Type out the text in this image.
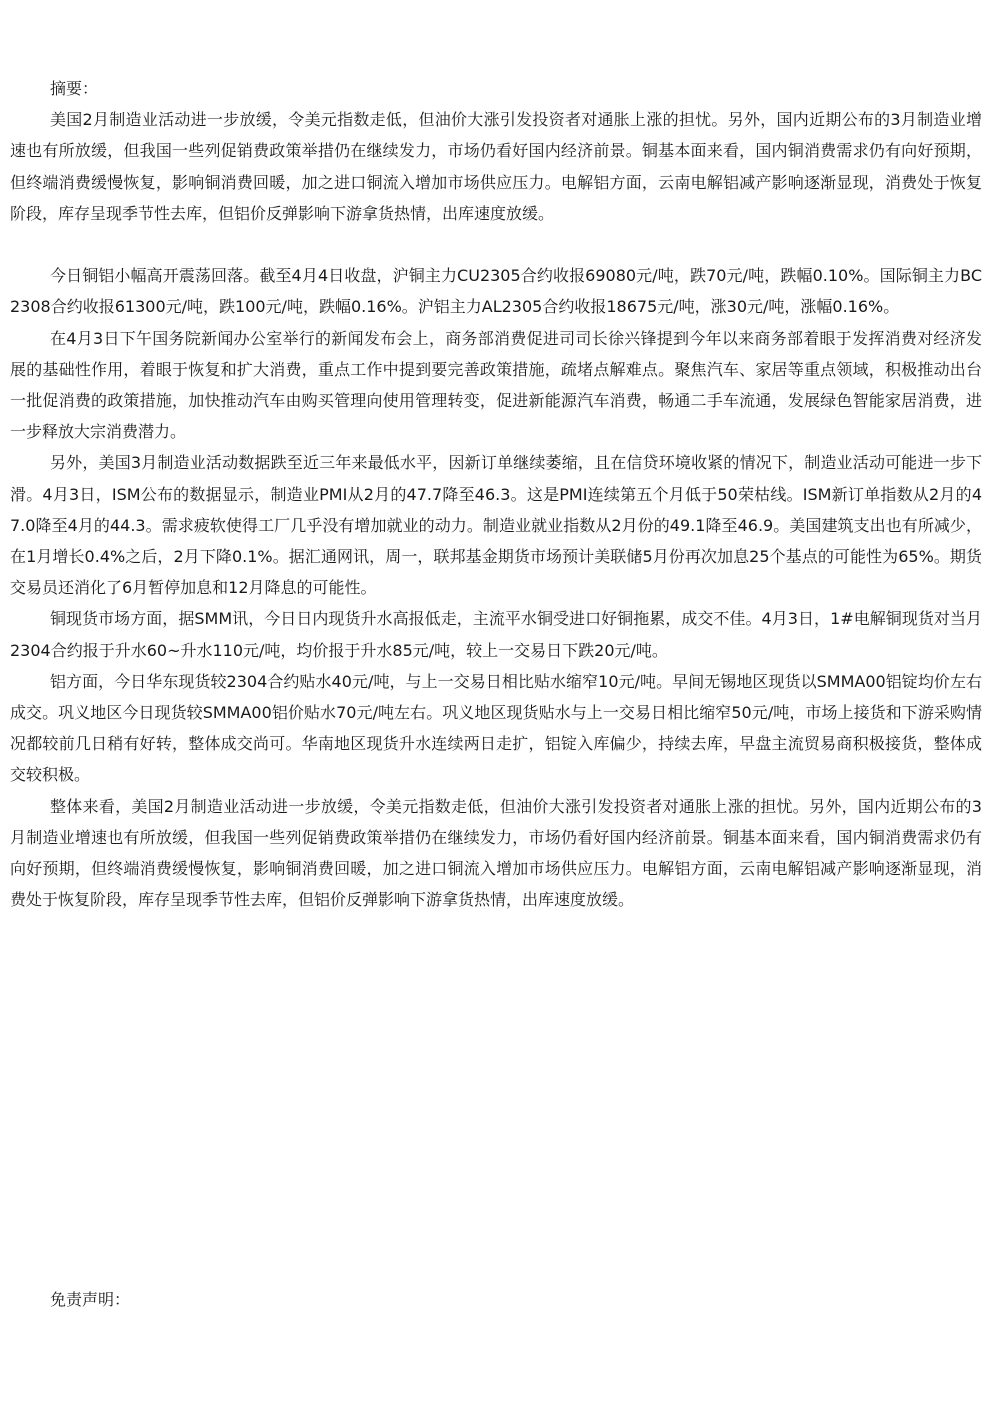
摘要：

美国2月制造业活动进一步放缓，令美元指数走低，但油价大涨引发投资者对通胀上涨的担忧。另外，国内近期公布的3月制造业增速也有所放缓，但我国一些列促销费政策举措仍在继续发力，市场仍看好国内经济前景。铜基本面来看，国内铜消费需求仍有向好预期，但终端消费缓慢恢复，影响铜消费回暖，加之进口铜流入增加市场供应压力。电解铝方面，云南电解铝减产影响逐渐显现，消费处于恢复阶段，库存呈现季节性去库，但铝价反弹影响下游拿货热情，出库速度放缓。

今日铜铝小幅高开震荡回落。截至4月4日收盘，沪铜主力CU2305合约收报69080元/吨，跌70元/吨，跌幅0.10%。国际铜主力BC2308合约收报61300元/吨，跌100元/吨，跌幅0.16%。沪铝主力AL2305合约收报18675元/吨，涨30元/吨，涨幅0.16%。

在4月3日下午国务院新闻办公室举行的新闻发布会上，商务部消费促进司司长徐兴锋提到今年以来商务部着眼于发挥消费对经济发展的基础性作用，着眼于恢复和扩大消费，重点工作中提到要完善政策措施，疏堵点解难点。聚焦汽车、家居等重点领域，积极推动出台一批促消费的政策措施，加快推动汽车由购买管理向使用管理转变，促进新能源汽车消费，畅通二手车流通，发展绿色智能家居消费，进一步释放大宗消费潜力。

另外，美国3月制造业活动数据跌至近三年来最低水平，因新订单继续萎缩，且在信贷环境收紧的情况下，制造业活动可能进一步下滑。4月3日，ISM公布的数据显示，制造业PMI从2月的47.7降至46.3。这是PMI连续第五个月低于50荣枯线。ISM新订单指数从2月的47.0降至4月的44.3。需求疲软使得工厂几乎没有增加就业的动力。制造业就业指数从2月份的49.1降至46.9。美国建筑支出也有所减少，在1月增长0.4%之后，2月下降0.1%。据汇通网讯，周一，联邦基金期货市场预计美联储5月份再次加息25个基点的可能性为65%。期货交易员还消化了6月暂停加息和12月降息的可能性。

铜现货市场方面，据SMM讯，今日日内现货升水高报低走，主流平水铜受进口好铜拖累，成交不佳。4月3日，1#电解铜现货对当月2304合约报于升水60~升水110元/吨，均价报于升水85元/吨，较上一交易日下跌20元/吨。

铝方面，今日华东现货较2304合约贴水40元/吨，与上一交易日相比贴水缩窄10元/吨。早间无锡地区现货以SMMA00铝锭均价左右成交。巩义地区今日现货较SMMA00铝价贴水70元/吨左右。巩义地区现货贴水与上一交易日相比缩窄50元/吨，市场上接货和下游采购情况都较前几日稍有好转，整体成交尚可。华南地区现货升水连续两日走扩，铝锭入库偏少，持续去库，早盘主流贸易商积极接货，整体成交较积极。

整体来看，美国2月制造业活动进一步放缓，令美元指数走低，但油价大涨引发投资者对通胀上涨的担忧。另外，国内近期公布的3月制造业增速也有所放缓，但我国一些列促销费政策举措仍在继续发力，市场仍看好国内经济前景。铜基本面来看，国内铜消费需求仍有向好预期，但终端消费缓慢恢复，影响铜消费回暖，加之进口铜流入增加市场供应压力。电解铝方面，云南电解铝减产影响逐渐显现，消费处于恢复阶段，库存呈现季节性去库，但铝价反弹影响下游拿货热情，出库速度放缓。

免责声明：
